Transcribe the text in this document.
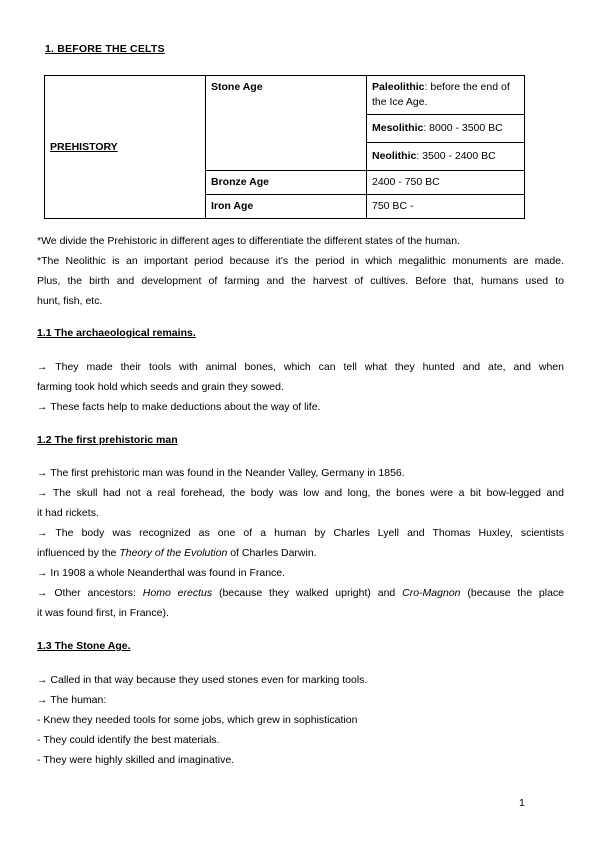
1. BEFORE THE CELTS
PREHISTORY	Stone Age	Paleolithic: before the end of the Ice Age.
		Mesolithic: 8000 - 3500 BC
		Neolithic: 3500 - 2400 BC
	Bronze Age	2400 - 750 BC
	Iron Age	750 BC -
*We divide the Prehistoric in different ages to differentiate the different states of the human.
*The Neolithic is an important period because it's the period in which megalithic monuments are made.
Plus, the birth and development of farming and the harvest of cultives. Before that, humans used to
hunt, fish, etc.
1.1 The archaeological remains.
→ They made their tools with animal bones, which can tell what they hunted and ate, and when
farming took hold which seeds and grain they sowed.
→ These facts help to make deductions about the way of life.
1.2 The first prehistoric man
→ The first prehistoric man was found in the Neander Valley, Germany in 1856.
→ The skull had not a real forehead, the body was low and long, the bones were a bit bow-legged and
it had rickets.
→ The body was recognized as one of a human by Charles Lyell and Thomas Huxley, scientists
influenced by the Theory of the Evolution of Charles Darwin.
→ In 1908 a whole Neanderthal was found in France.
→ Other ancestors: Homo erectus (because they walked upright) and Cro-Magnon (because the place
it was found first, in France).
1.3 The Stone Age.
→ Called in that way because they used stones even for marking tools.
→ The human:
- Knew they needed tools for some jobs, which grew in sophistication
- They could identify the best materials.
- They were highly skilled and imaginative.
1
